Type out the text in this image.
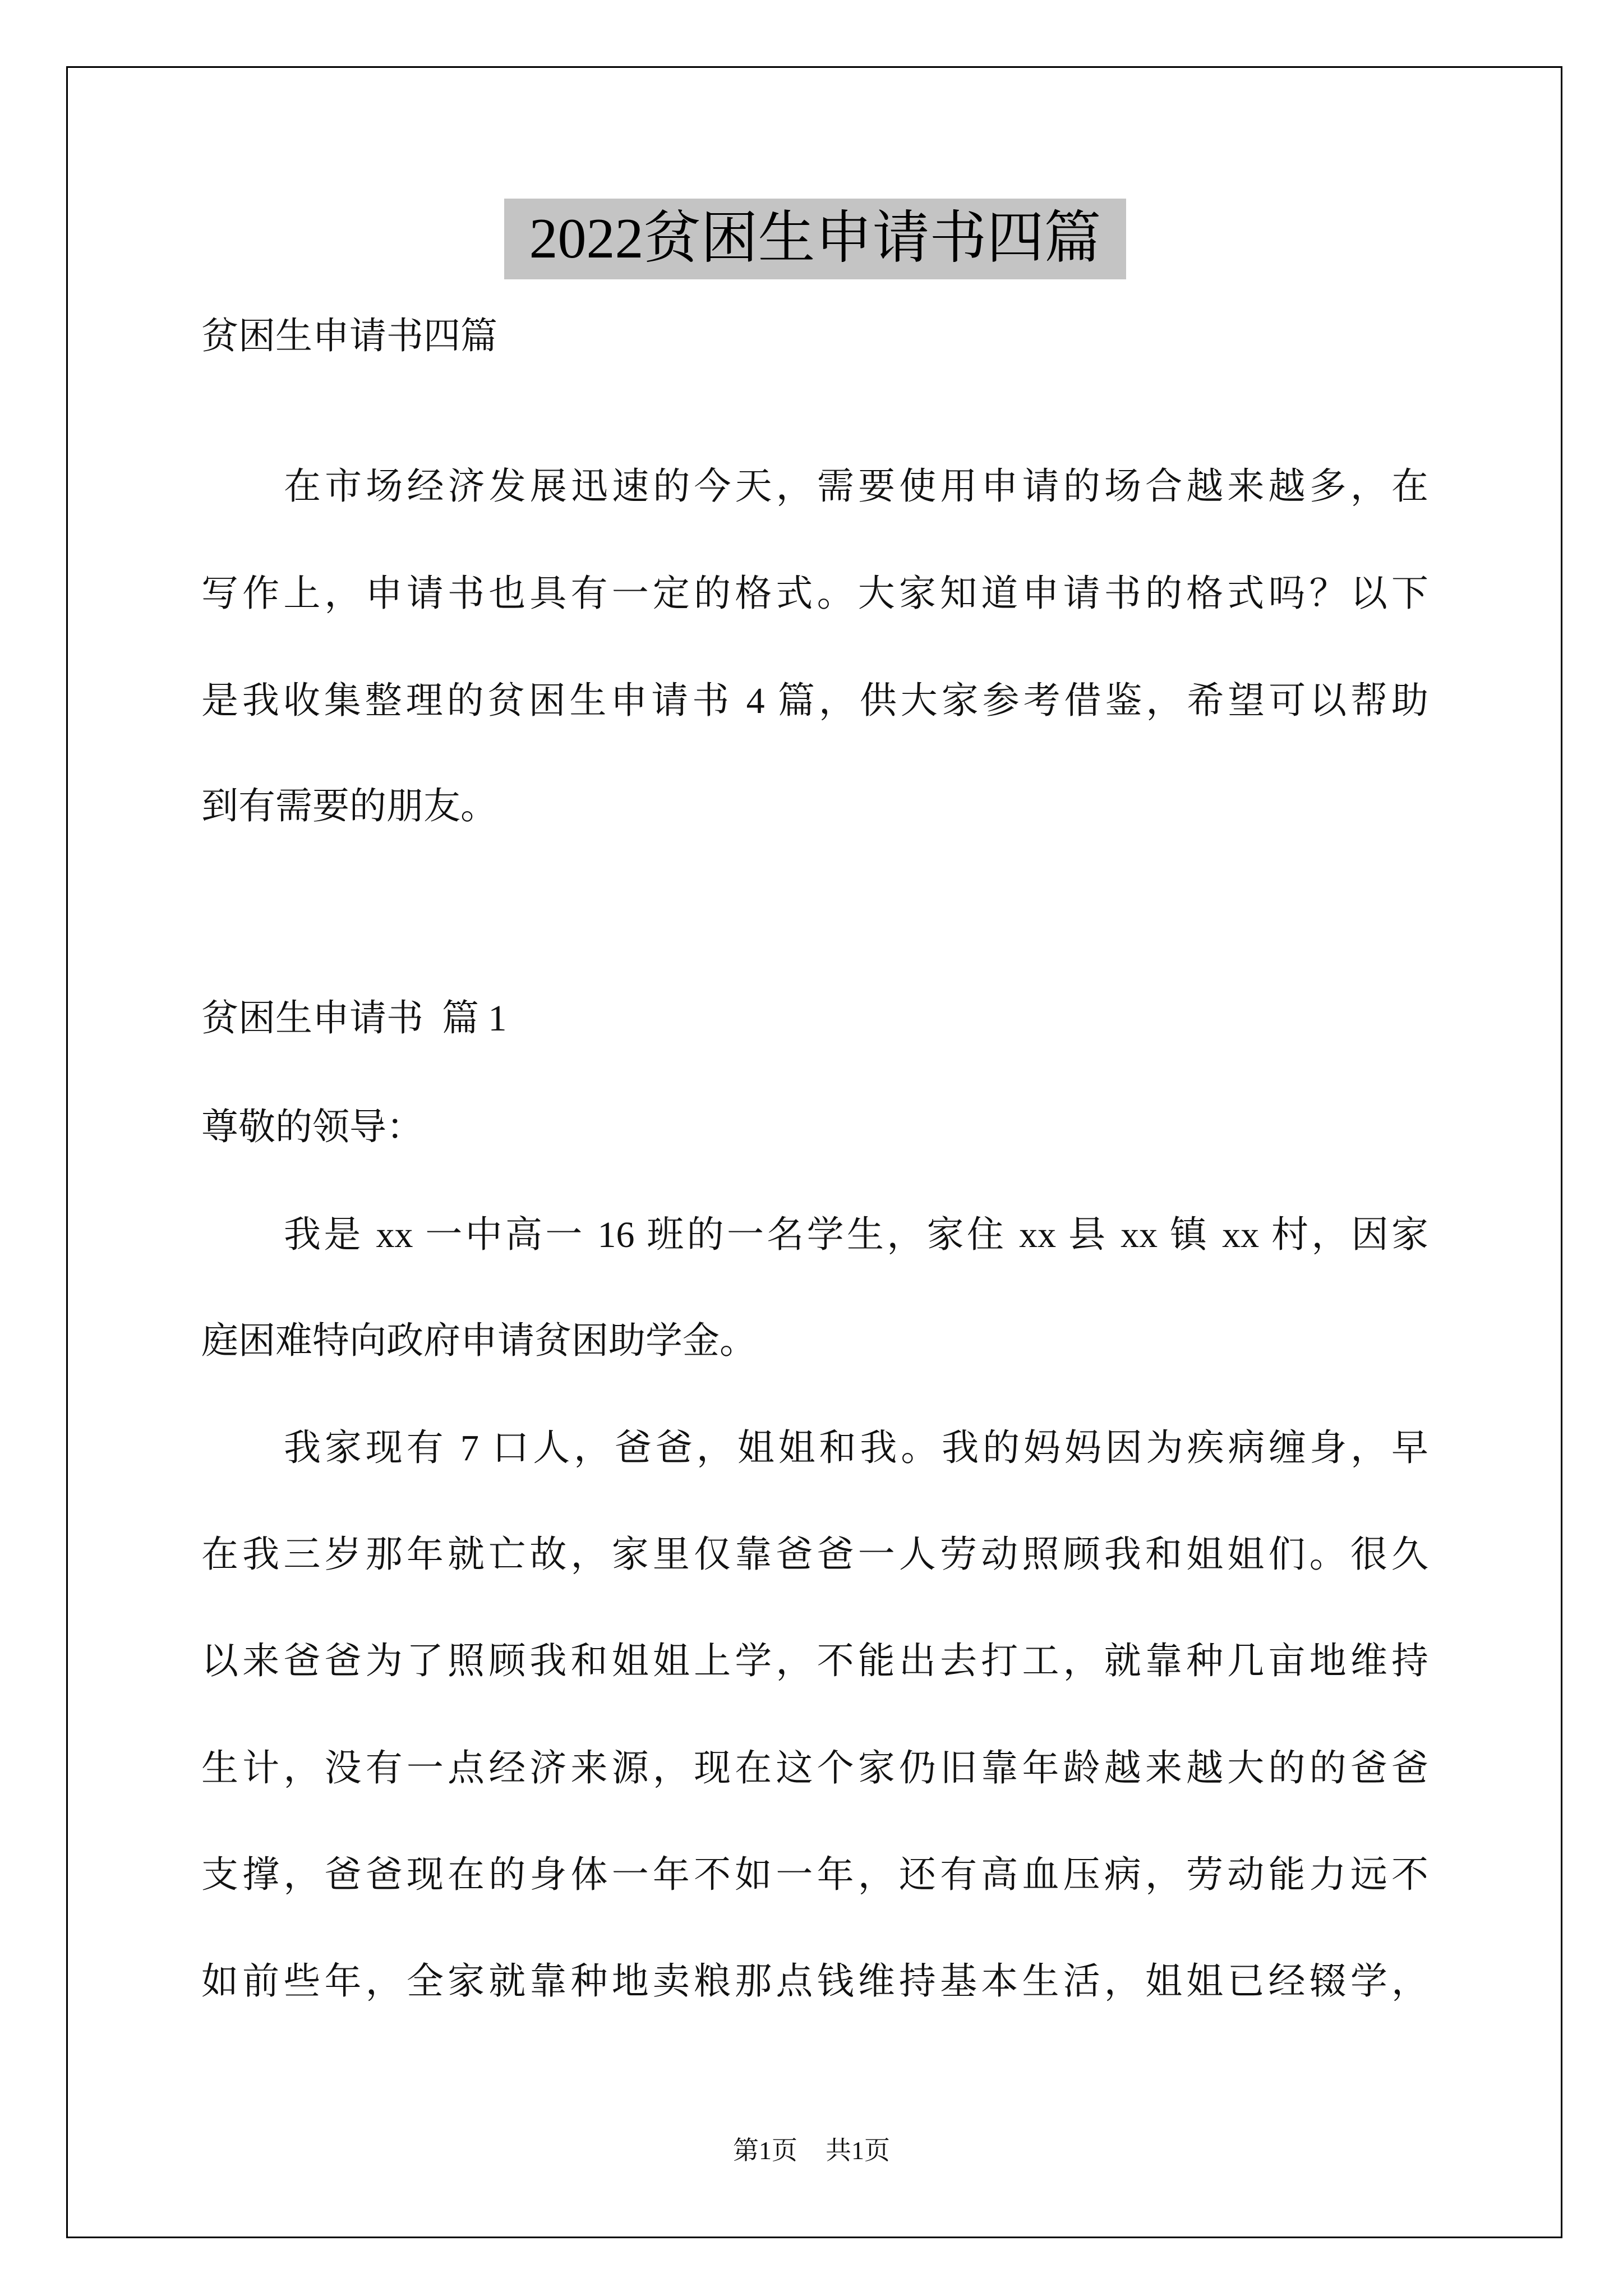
2022贫困生申请书四篇
贫困生申请书四篇
在市场经济发展迅速的今天，需要使用申请的场合越来越多，在
写作上，申请书也具有一定的格式。大家知道申请书的格式吗？以下
是我收集整理的贫困生申请书 4 篇，供大家参考借鉴，希望可以帮助
到有需要的朋友。
贫困生申请书  篇 1
尊敬的领导：
我是 xx 一中高一 16 班的一名学生，家住 xx 县 xx 镇 xx 村，因家
庭困难特向政府申请贫困助学金。
我家现有 7 口人，爸爸，姐姐和我。我的妈妈因为疾病缠身，早
在我三岁那年就亡故，家里仅靠爸爸一人劳动照顾我和姐姐们。很久
以来爸爸为了照顾我和姐姐上学，不能出去打工，就靠种几亩地维持
生计，没有一点经济来源，现在这个家仍旧靠年龄越来越大的的爸爸
支撑，爸爸现在的身体一年不如一年，还有高血压病，劳动能力远不
如前些年，全家就靠种地卖粮那点钱维持基本生活，姐姐已经辍学，
第1页 共1页
